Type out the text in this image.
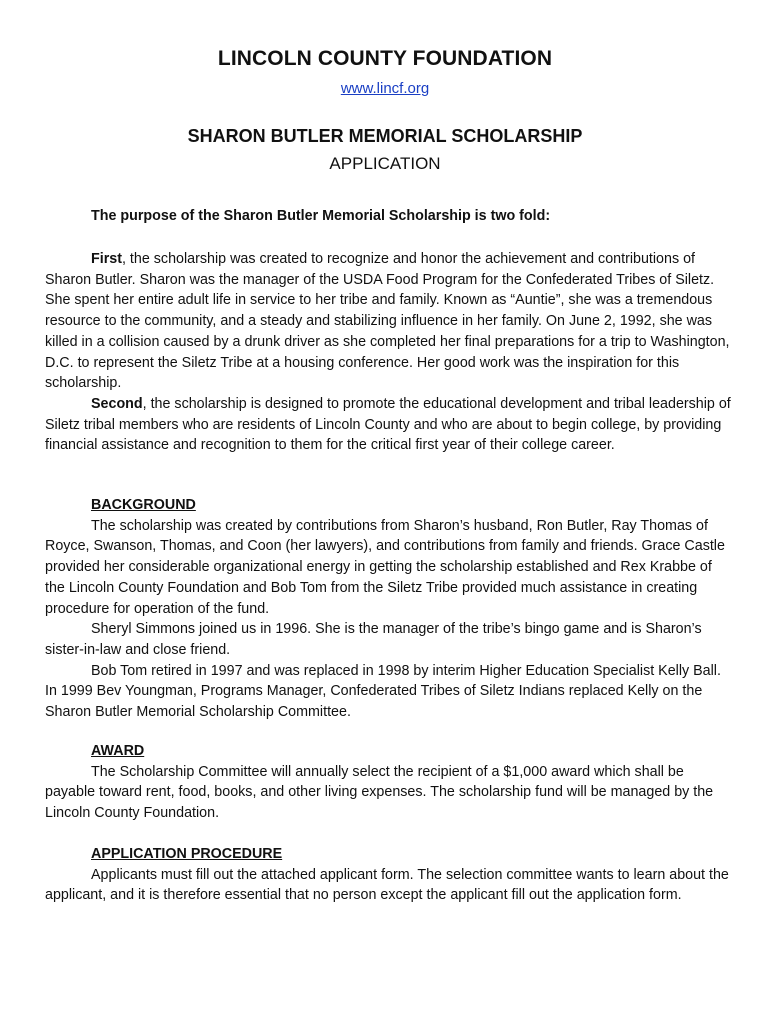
LINCOLN COUNTY FOUNDATION
www.lincf.org
SHARON BUTLER MEMORIAL SCHOLARSHIP
APPLICATION
The purpose of the Sharon Butler Memorial Scholarship is two fold:

First, the scholarship was created to recognize and honor the achievement and contributions of Sharon Butler. Sharon was the manager of the USDA Food Program for the Confederated Tribes of Siletz. She spent her entire adult life in service to her tribe and family. Known as “Auntie”, she was a tremendous resource to the community, and a steady and stabilizing influence in her family. On June 2, 1992, she was killed in a collision caused by a drunk driver as she completed her final preparations for a trip to Washington, D.C. to represent the Siletz Tribe at a housing conference. Her good work was the inspiration for this scholarship.

Second, the scholarship is designed to promote the educational development and tribal leadership of Siletz tribal members who are residents of Lincoln County and who are about to begin college, by providing financial assistance and recognition to them for the critical first year of their college career.

BACKGROUND

The scholarship was created by contributions from Sharon’s husband, Ron Butler, Ray Thomas of Royce, Swanson, Thomas, and Coon (her lawyers), and contributions from family and friends. Grace Castle provided her considerable organizational energy in getting the scholarship established and Rex Krabbe of the Lincoln County Foundation and Bob Tom from the Siletz Tribe provided much assistance in creating procedure for operation of the fund.

Sheryl Simmons joined us in 1996. She is the manager of the tribe’s bingo game and is Sharon’s sister-in-law and close friend.

Bob Tom retired in 1997 and was replaced in 1998 by interim Higher Education Specialist Kelly Ball. In 1999 Bev Youngman, Programs Manager, Confederated Tribes of Siletz Indians replaced Kelly on the Sharon Butler Memorial Scholarship Committee.

AWARD

The Scholarship Committee will annually select the recipient of a $1,000 award which shall be payable toward rent, food, books, and other living expenses. The scholarship fund will be managed by the Lincoln County Foundation.

APPLICATION PROCEDURE

Applicants must fill out the attached applicant form. The selection committee wants to learn about the applicant, and it is therefore essential that no person except the applicant fill out the application form.
